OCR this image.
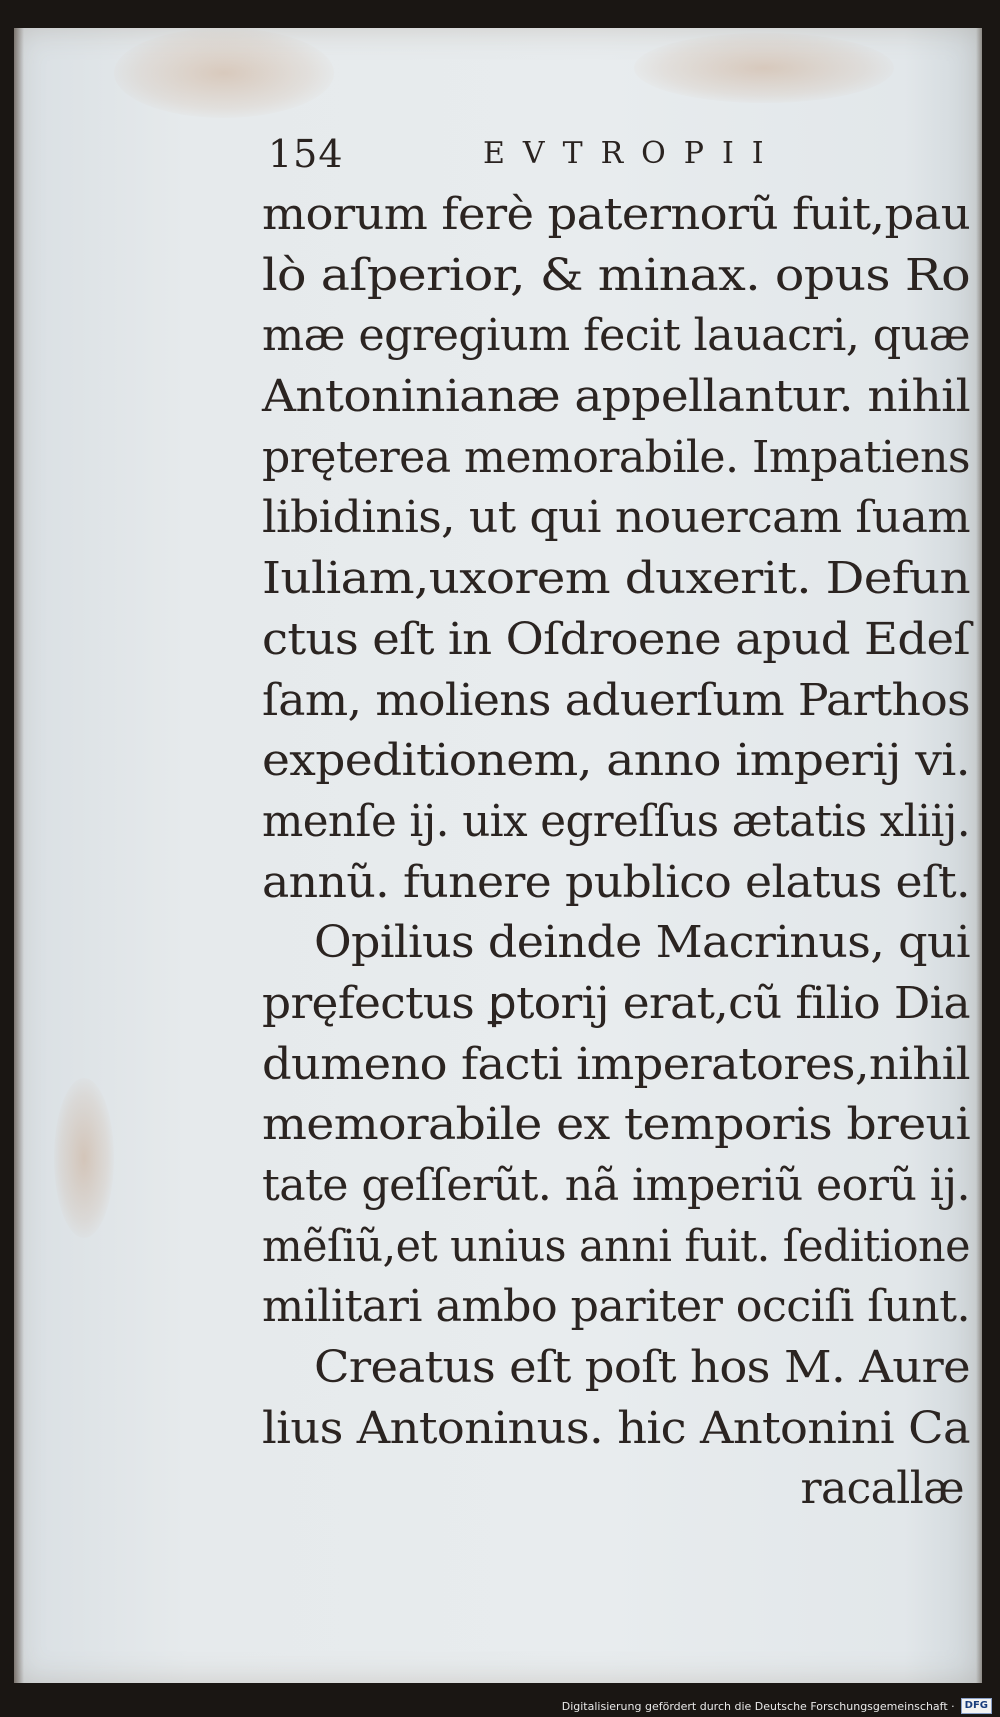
154	EVTROPII
morum ferè paternorũ fuit,pau
lò aſperior, & minax. opus Ro
mæ egregium fecit lauacri, quæ
Antoninianæ appellantur. nihil
pręterea memorabile. Impatiens
libidinis, ut qui nouercam ſuam
Iuliam,uxorem duxerit. Defun
ctus eſt in Oſdroene apud Edeſ
ſam, moliens aduerſum Parthos
expeditionem, anno imperij vi.
menſe ij. uix egreſſus ætatis xliij.
annũ. funere publico elatus eſt.
Opilius deinde Macrinus, qui
pręfectus ꝑtorij erat,cũ filio Dia
dumeno facti imperatores,nihil
memorabile ex temporis breui
tate geſſerũt. nã imperiũ eorũ ij.
mẽſiũ,et unius anni fuit. ſeditione
militari ambo pariter occiſi ſunt.
Creatus eſt poſt hos M. Aure
lius Antoninus. hic Antonini Ca
racallæ
Digitalisierung gefördert durch die Deutsche Forschungsgemeinschaft ·	DFG
